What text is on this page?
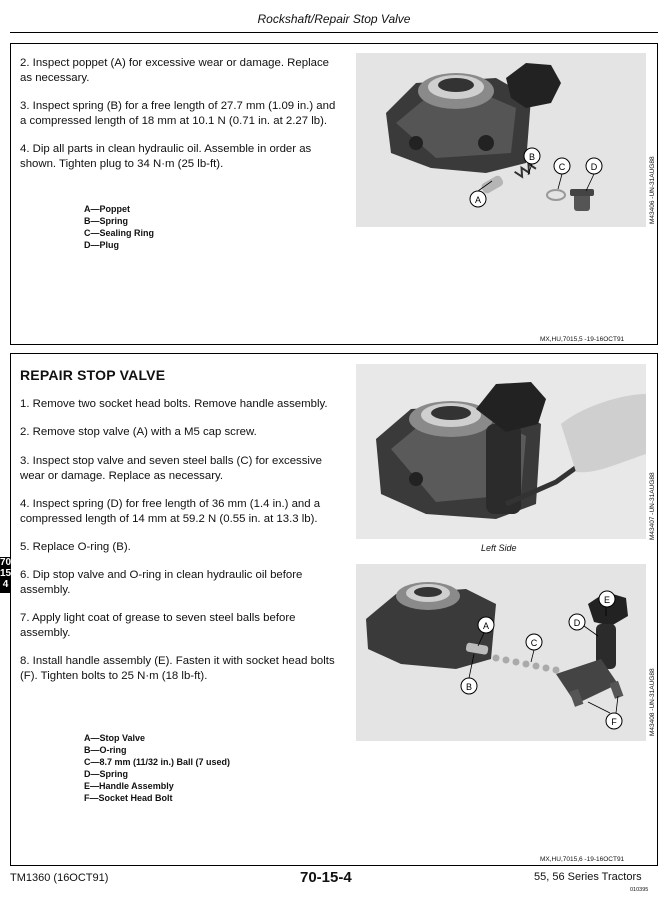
Rockshaft/Repair Stop Valve

2. Inspect poppet (A) for excessive wear or damage. Replace as necessary.

3. Inspect spring (B) for a free length of 27.7 mm (1.09 in.) and a compressed length of 18 mm at 10.1 N (0.71 in. at 2.27 lb).

4. Dip all parts in clean hydraulic oil. Assemble in order as shown. Tighten plug to 34 N·m (25 lb-ft).

A—Poppet
B—Spring
C—Sealing Ring
D—Plug
A
B
C	D	M43406 -UN-31AUG88
MX,HU,7015,5 -19-16OCT91
REPAIR STOP VALVE

1. Remove two socket head bolts. Remove handle assembly.

2. Remove stop valve (A) with a M5 cap screw.

3. Inspect stop valve and seven steel balls (C) for excessive wear or damage. Replace as necessary.

4. Inspect spring (D) for free length of 36 mm (1.4 in.) and a compressed length of 14 mm at 59.2 N (0.55 in. at 13.3 lb).

5. Replace O-ring (B).

6. Dip stop valve and O-ring in clean hydraulic oil before assembly.

7. Apply light coat of grease to seven steel balls before assembly.

8. Install handle assembly (E). Fasten it with socket head bolts (F). Tighten bolts to 25 N·m (18 lb-ft).

A—Stop Valve
B—O-ring
C—8.7 mm (11/32 in.) Ball (7 used)
D—Spring
E—Handle Assembly
F—Socket Head Bolt
M43407 -UN-31AUG88
Left Side
A
B
C
D
E
F	M43408 -UN-31AUG88
MX,HU,7015,6 -19-16OCT91
70
15
4
TM1360 (16OCT91)	70-15-4	55, 56 Series Tractors
010395
